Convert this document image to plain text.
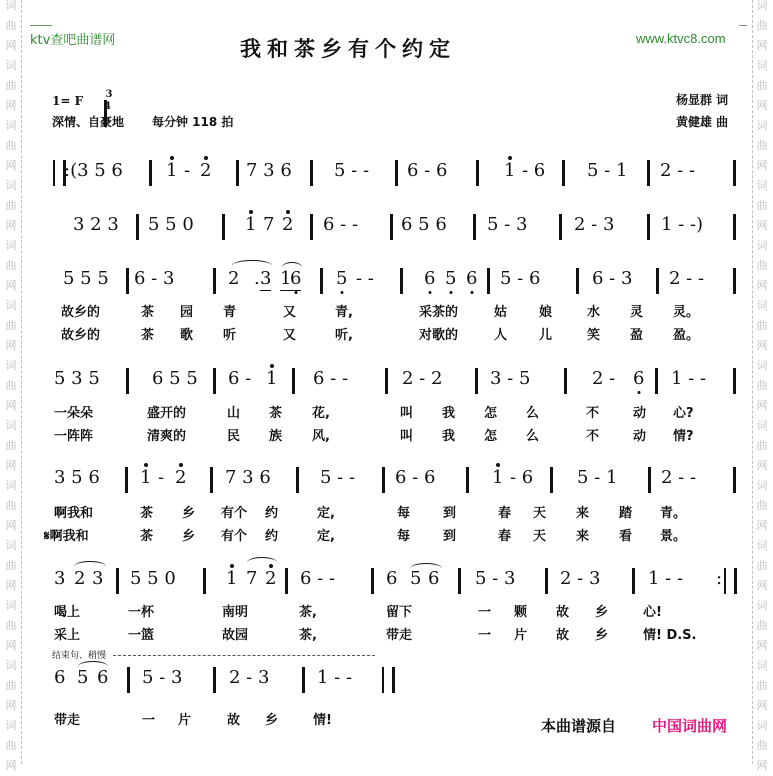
词
曲
网
词
曲
网
词
曲
网
词
曲
网
词
曲
网
词
曲
网
词
曲
网
词
曲
网
词
曲
网
词
曲
网
词
曲
网
词
曲
网
词
曲
网
词
曲
网
词
曲
网
词
曲
网
词
曲
网
词
曲
网
词
曲
网
词
曲
网
词
曲
网
词
曲
网
词
曲
网
词
曲
网
词
曲
网
词
曲
网
ktv查吧曲谱网	www.ktvc8.com
我和茶乡有个约定
1= F 3
4
深情、自豪地 每分钟 118 拍
杨显群 词
黄健雄 曲
:(3 5 6 1 - 2 7 3 6 5 - - 6 - 6	1 - 6 5 - 1 2 - -
3 2 3 5 5 0	1 7 2 6 - - 6 5 6 5 - 3	2 - 3	1 - -)
5 5 5 6 - 3	2 . 3 1
6 5 - -	6 5 6 5 - 6	6 - 3 2 - -
故乡的	茶 园 青	又	青,	采茶的	姑 娘	水 灵 灵。
故乡的	茶 歌 听	又	听,	对歌的	人 儿	笑 盈 盈。
5 3 5	6 5 5 6 - 1 6 - -	2 - 2	3 - 5	2 - 6 1 - -
一朵朵	盛开的	山 茶 花,	叫 我 怎 么	不	动 心?
一阵阵	清爽的	民 族 风,	叫 我 怎 么	不	动 情?
3 5 6 1 - 2 7 3 6	5 - - 6 - 6	1 - 6 5 - 1 2 - -
啊我和	茶 乡 有个 约	定,	每	到	春 天 来 踏 青。
𝄋啊我和	茶 乡 有个 约	定,	每	到	春 天 来 看 景。
3 2 3 5 5 0	1 7 2 6 - -	6 5 6 5 - 3 2 - 3	1 - - :
喝上	一杯	南明	茶,	留下	一 颗 故 乡	心!
采上	一篮	故园	茶,	带走	一 片 故 乡	情! D.S.
6 5 6 5 - 3	2 - 3	1 - -
带走	一 片	故 乡	情!
结束句、稍慢
本曲谱源自 中国词曲网
